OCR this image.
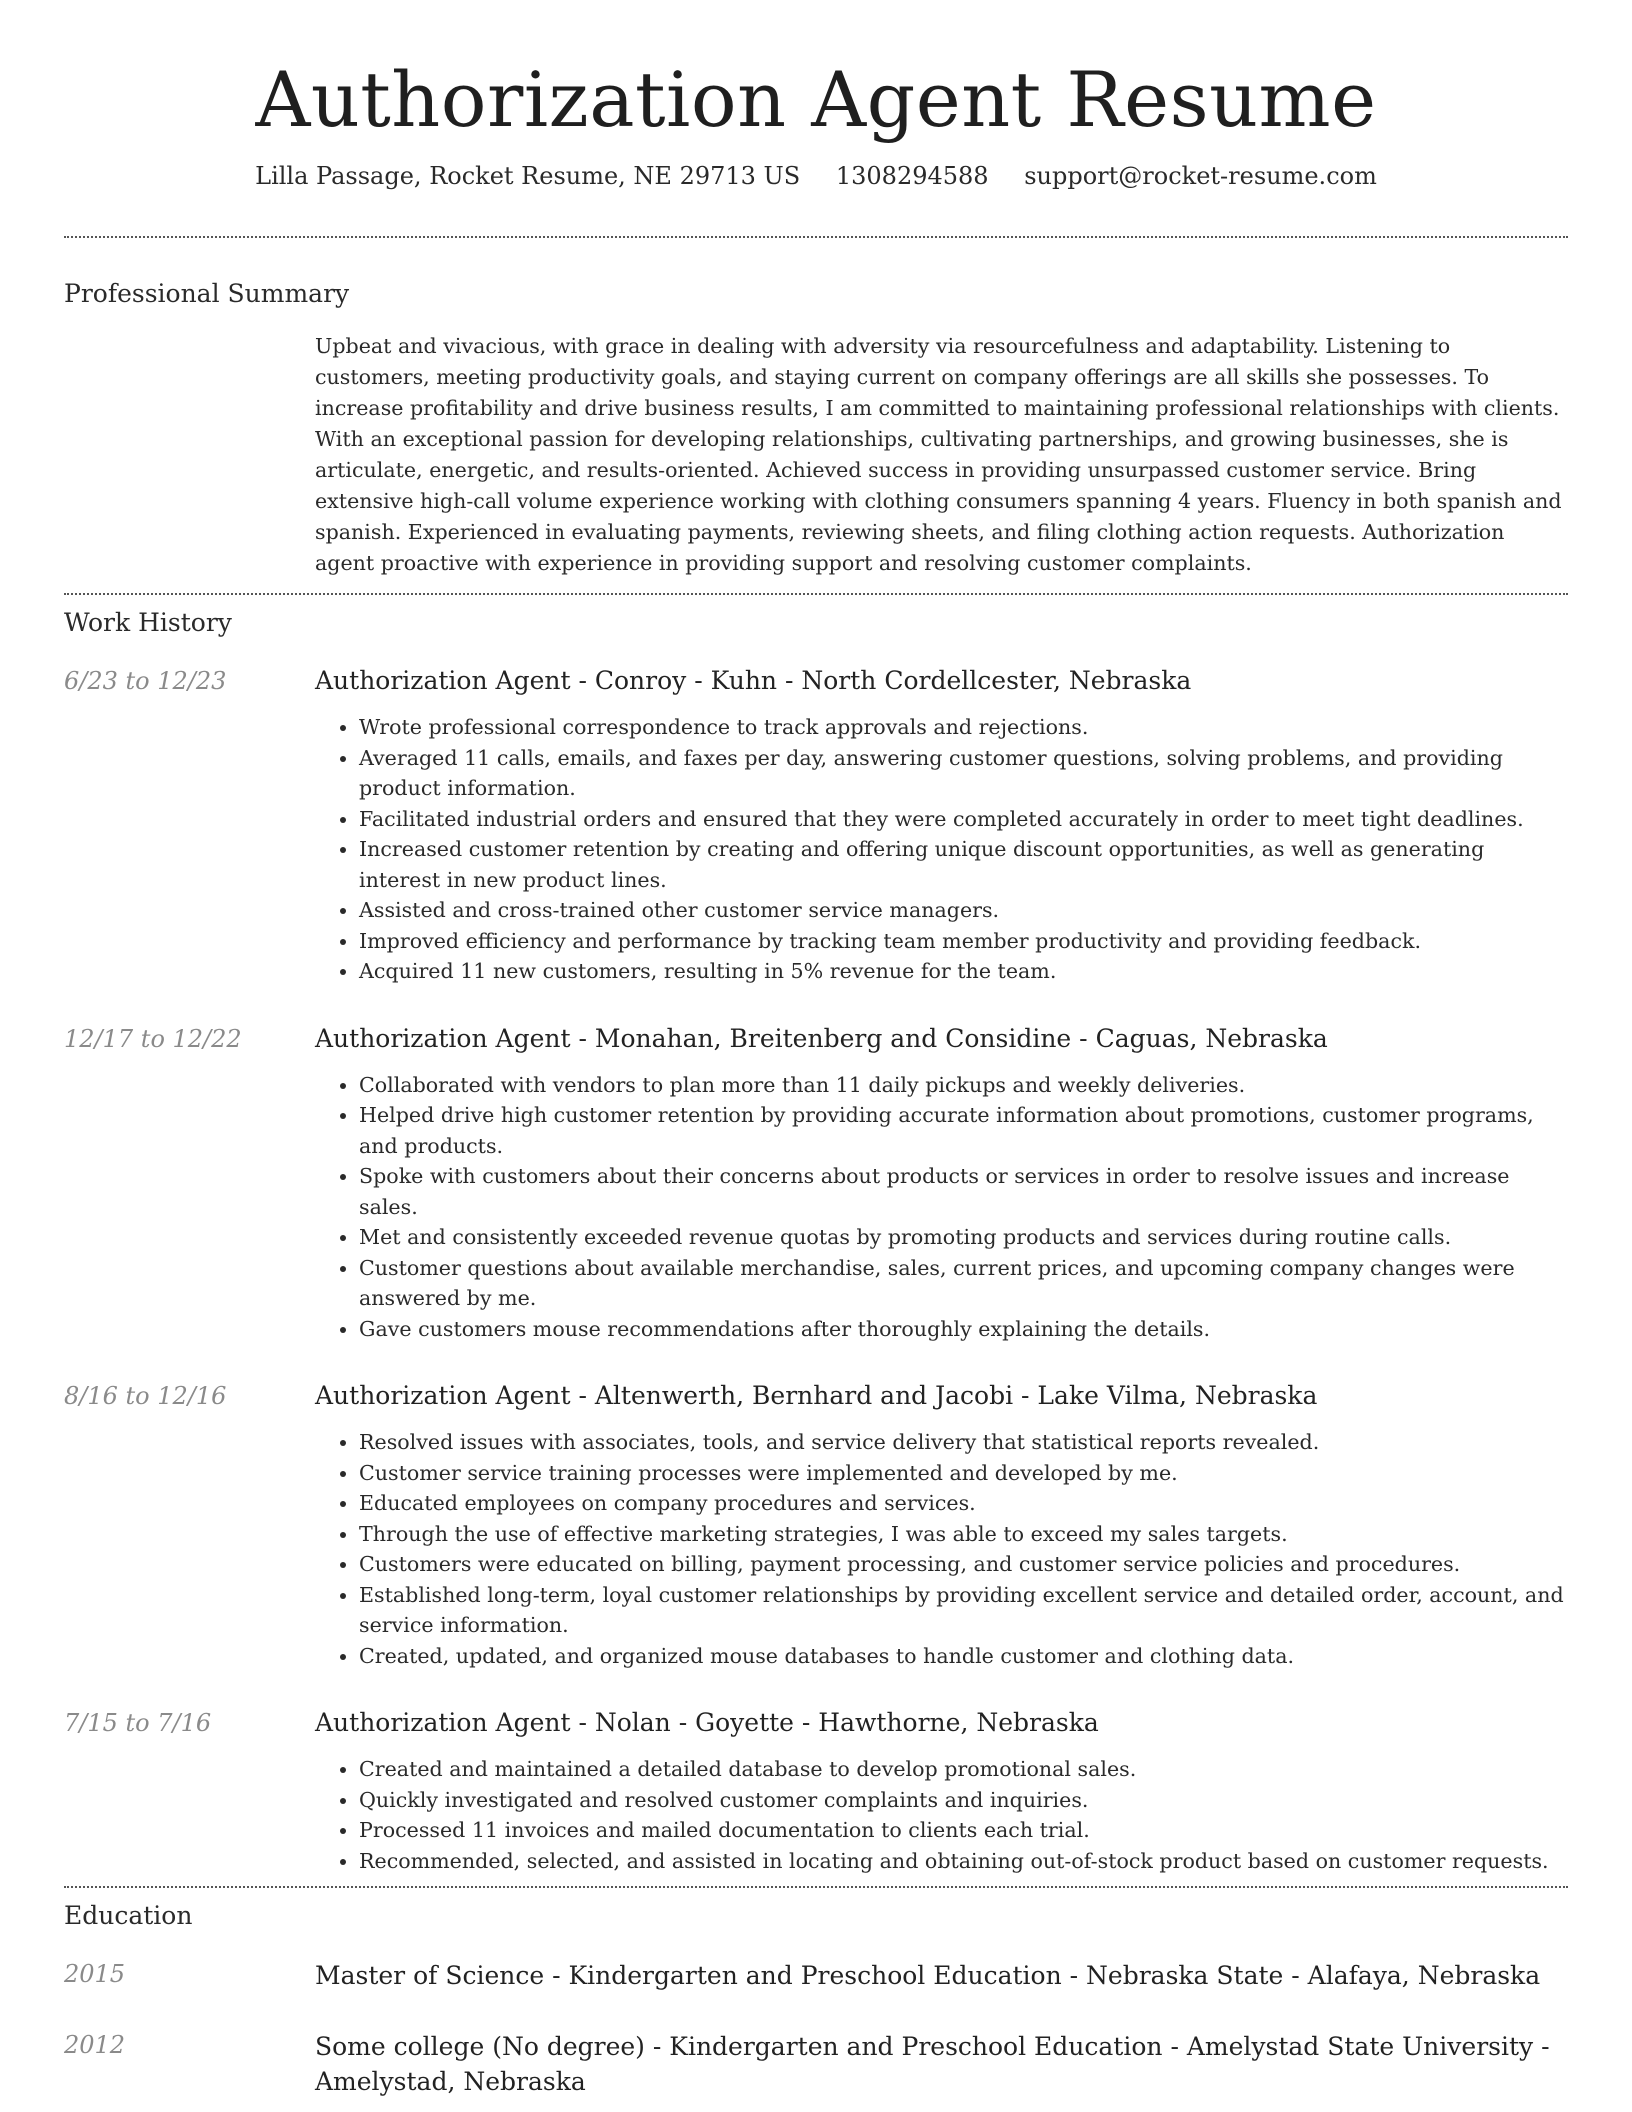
Authorization Agent Resume
Lilla Passage, Rocket Resume, NE 29713 US 1308294588 support@rocket-resume.com
Professional Summary

Upbeat and vivacious, with grace in dealing with adversity via resourcefulness and adaptability. Listening to customers, meeting productivity goals, and staying current on company offerings are all skills she possesses. To increase profitability and drive business results, I am committed to maintaining professional relationships with clients. With an exceptional passion for developing relationships, cultivating partnerships, and growing businesses, she is articulate, energetic, and results-oriented. Achieved success in providing unsurpassed customer service. Bring extensive high-call volume experience working with clothing consumers spanning 4 years. Fluency in both spanish and spanish. Experienced in evaluating payments, reviewing sheets, and filing clothing action requests. Authorization agent proactive with experience in providing support and resolving customer complaints.

Work History
6/23 to 12/23	Authorization Agent - Conroy - Kuhn - North Cordellcester, Nebraska
• Wrote professional correspondence to track approvals and rejections.
• Averaged 11 calls, emails, and faxes per day, answering customer questions, solving problems, and providing product information.
• Facilitated industrial orders and ensured that they were completed accurately in order to meet tight deadlines.
• Increased customer retention by creating and offering unique discount opportunities, as well as generating interest in new product lines.
• Assisted and cross-trained other customer service managers.
• Improved efficiency and performance by tracking team member productivity and providing feedback.
• Acquired 11 new customers, resulting in 5% revenue for the team.
12/17 to 12/22	Authorization Agent - Monahan, Breitenberg and Considine - Caguas, Nebraska
• Collaborated with vendors to plan more than 11 daily pickups and weekly deliveries.
• Helped drive high customer retention by providing accurate information about promotions, customer programs, and products.
• Spoke with customers about their concerns about products or services in order to resolve issues and increase sales.
• Met and consistently exceeded revenue quotas by promoting products and services during routine calls.
• Customer questions about available merchandise, sales, current prices, and upcoming company changes were answered by me.
• Gave customers mouse recommendations after thoroughly explaining the details.
8/16 to 12/16	Authorization Agent - Altenwerth, Bernhard and Jacobi - Lake Vilma, Nebraska
• Resolved issues with associates, tools, and service delivery that statistical reports revealed.
• Customer service training processes were implemented and developed by me.
• Educated employees on company procedures and services.
• Through the use of effective marketing strategies, I was able to exceed my sales targets.
• Customers were educated on billing, payment processing, and customer service policies and procedures.
• Established long-term, loyal customer relationships by providing excellent service and detailed order, account, and service information.
• Created, updated, and organized mouse databases to handle customer and clothing data.
7/15 to 7/16	Authorization Agent - Nolan - Goyette - Hawthorne, Nebraska
• Created and maintained a detailed database to develop promotional sales.
• Quickly investigated and resolved customer complaints and inquiries.
• Processed 11 invoices and mailed documentation to clients each trial.
• Recommended, selected, and assisted in locating and obtaining out-of-stock product based on customer requests.
Education
2015	Master of Science - Kindergarten and Preschool Education - Nebraska State - Alafaya, Nebraska
2012	Some college (No degree) - Kindergarten and Preschool Education - Amelystad State University - Amelystad, Nebraska
